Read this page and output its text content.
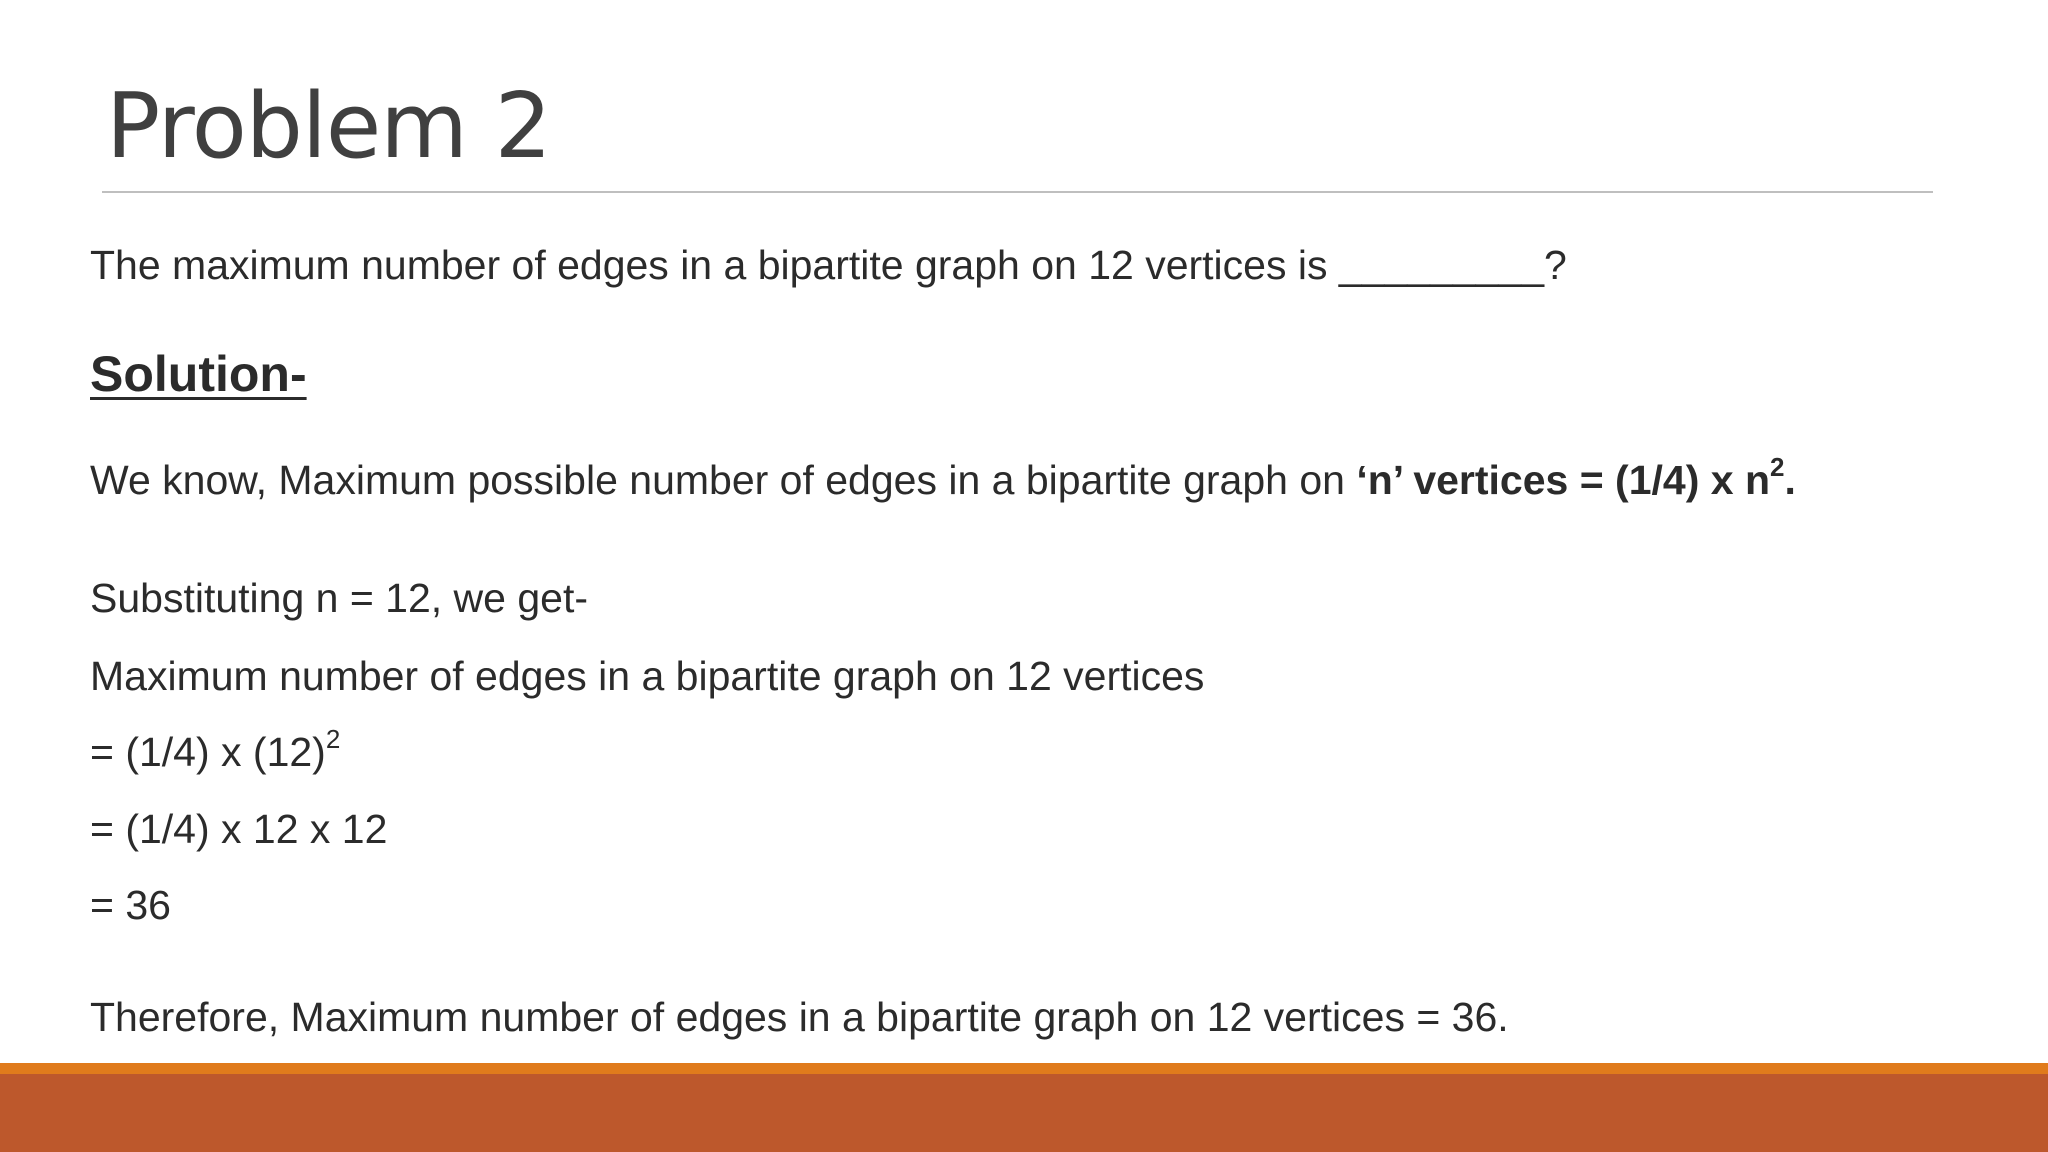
Problem 2
The maximum number of edges in a bipartite graph on 12 vertices is _________?
Solution-
We know, Maximum possible number of edges in a bipartite graph on ‘n’ vertices = (1/4) x $n^2$.
Substituting n = 12, we get-
Maximum number of edges in a bipartite graph on 12 vertices
= (1/4) x $(12)^2$
= (1/4) x 12 x 12
= 36
Therefore, Maximum number of edges in a bipartite graph on 12 vertices = 36.
